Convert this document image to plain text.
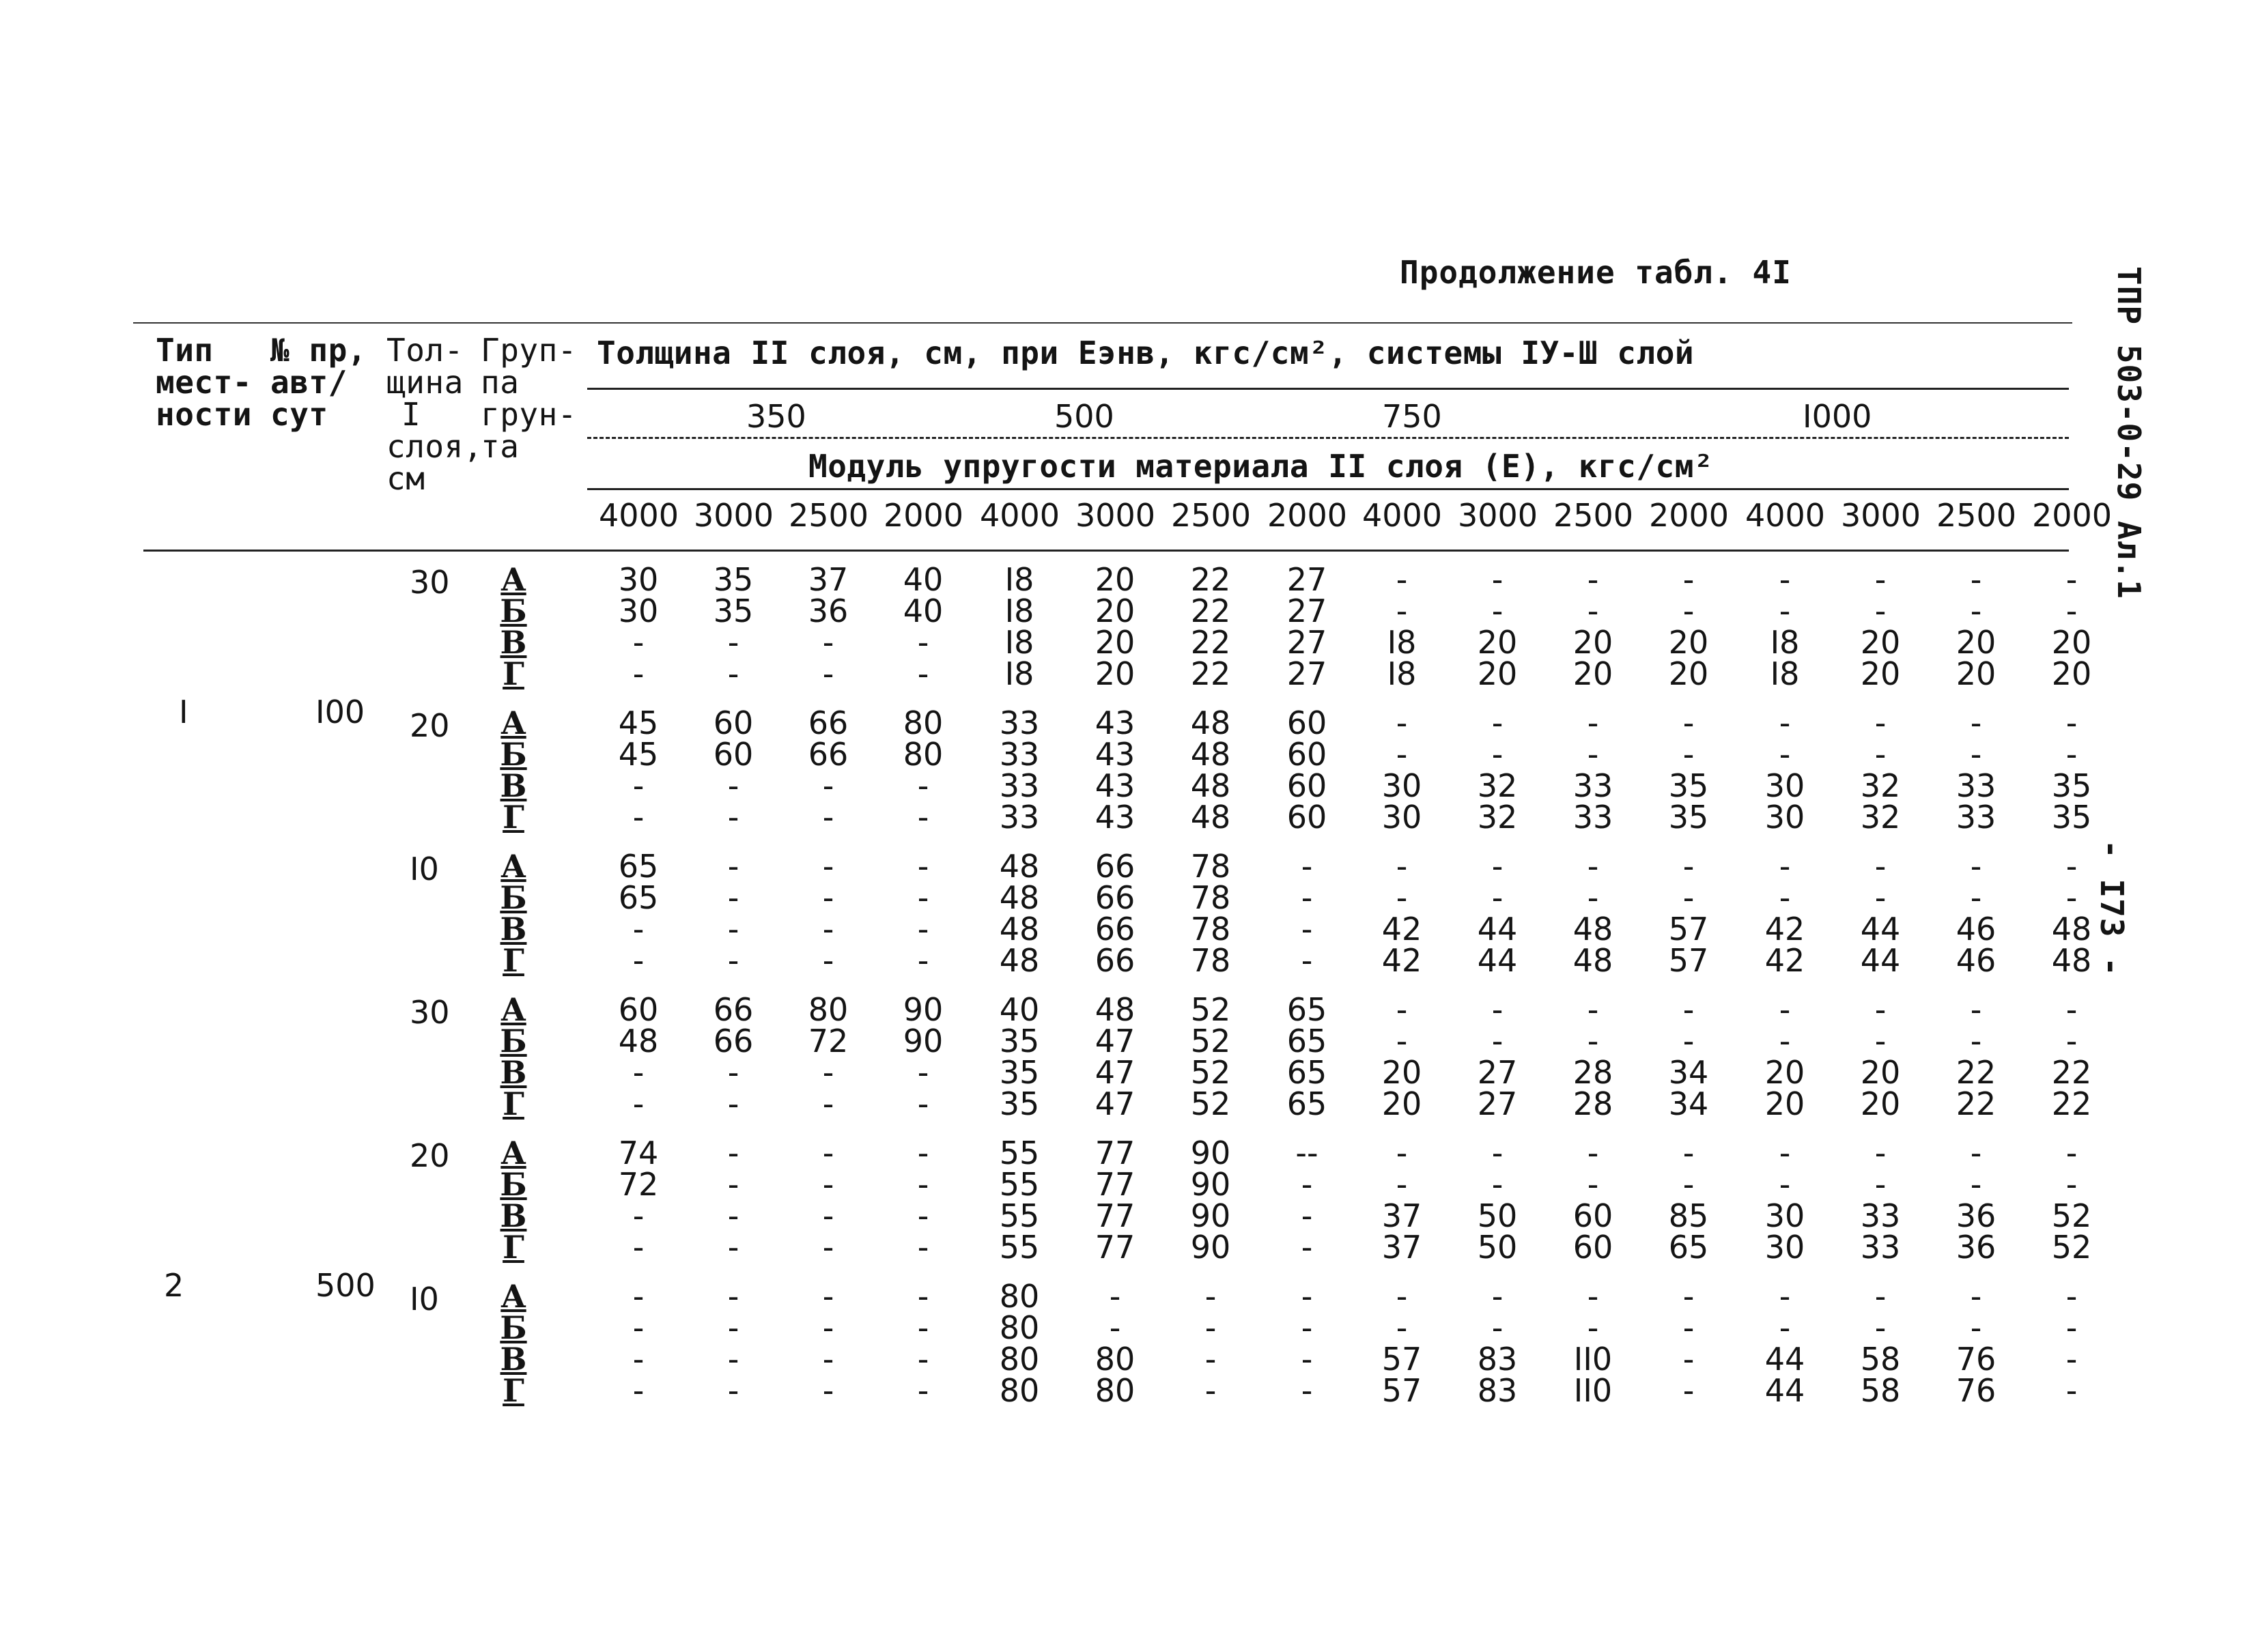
Продолжение табл. 4I	ТПР 503-0-29 Ал.1
- I73 -
Тип
мест-
ности
№ пр,
авт/
сут
Тол-
щина
I
слоя,
см
Груп-
па
грун-
та
Толщина II слоя, см, при Еэнв, кгс/см², системы IУ-Ш слой
350	500	750	I000
Модуль упругости материала II слоя (Е), кгс/см²
4000 3000 2500 2000 4000 3000 2500 2000 4000 3000 2500 2000 4000 3000 2500 2000
I	I00
30 А	30	35	37	40	I8	20	22	27	-	-	-	-	-	-	-	-
Б	30	35	36	40	I8	20	22	27	-	-	-	-	-	-	-	-
В	-	-	-	-	I8	20	22	27	I8	20	20	20	I8	20	20	20
Г	-	-	-	-	I8	20	22	27	I8	20	20	20	I8	20	20	20
20 А	45	60	66	80	33	43	48	60	-	-	-	-	-	-	-	-
Б	45	60	66	80	33	43	48	60	-	-	-	-	-	-	-	-
В	-	-	-	-	33	43	48	60	30	32	33	35	30	32	33	35
Г	-	-	-	-	33	43	48	60	30	32	33	35	30	32	33	35
I0 А	65	-	-	-	48	66	78	-	-	-	-	-	-	-	-	-
Б	65	-	-	-	48	66	78	-	-	-	-	-	-	-	-	-
В	-	-	-	-	48	66	78	-	42	44	48	57	42	44	46	48
Г	-	-	-	-	48	66	78	-	42	44	48	57	42	44	46	48
30 А	60	66	80	90	40	48	52	65	-	-	-	-	-	-	-	-
Б	48	66	72	90	35	47	52	65	-	-	-	-	-	-	-	-
В	-	-	-	-	35	47	52	65	20	27	28	34	20	20	22	22
Г	-	-	-	-	35	47	52	65	20	27	28	34	20	20	22	22
2	500
20 А	74	-	-	-	55	77	90	--	-	-	-	-	-	-	-	-
Б	72	-	-	-	55	77	90	-	-	-	-	-	-	-	-	-
В	-	-	-	-	55	77	90	-	37	50	60	85	30	33	36	52
Г	-	-	-	-	55	77	90	-	37	50	60	65	30	33	36	52
I0 А	-	-	-	-	80	-	-	-	-	-	-	-	-	-	-	-
Б	-	-	-	-	80	-	-	-	-	-	-	-	-	-	-	-
В	-	-	-	-	80	80	-	-	57	83	II0	-	44	58	76	-
Г	-	-	-	-	80	80	-	-	57	83	II0	-	44	58	76	-
